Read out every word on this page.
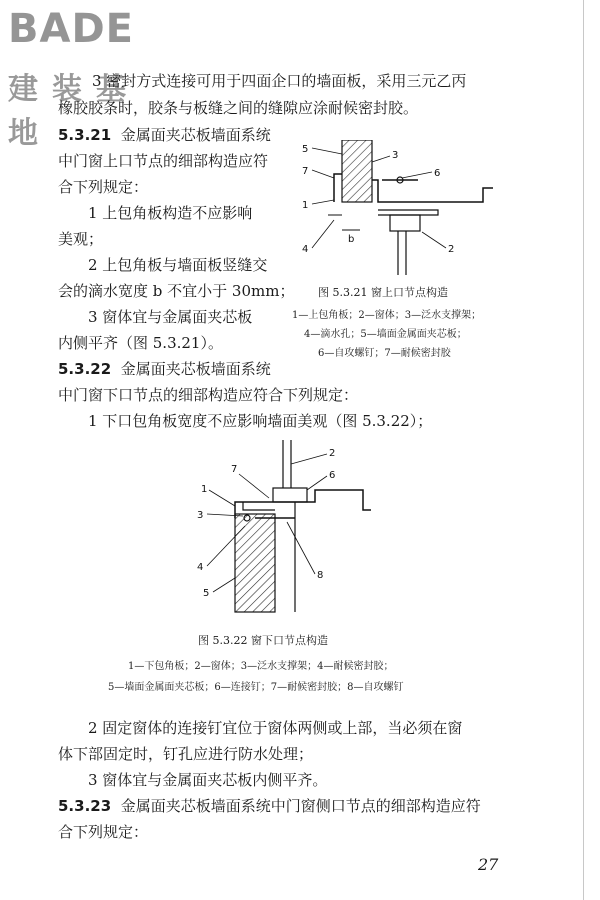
BADE
建装基地
3 密封方式连接可用于四面企口的墙面板，采用三元乙丙
橡胶胶条时，胶条与板缝之间的缝隙应涂耐候密封胶。
5.3.21 金属面夹芯板墙面系统
中门窗上口节点的细部构造应符
合下列规定：
1 上包角板构造不应影响
美观；
2 上包角板与墙面板竖缝交
会的滴水宽度 b 不宜小于 30mm；
3 窗体宜与金属面夹芯板
内侧平齐（图 5.3.21）。
5.3.22 金属面夹芯板墙面系统
中门窗下口节点的细部构造应符合下列规定：
1 下口包角板宽度不应影响墙面美观（图 5.3.22）；
5
3
7	6
1
b
4	2
图 5.3.21 窗上口节点构造
1—上包角板；2—窗体；3—泛水支撑架；
4—滴水孔；5—墙面金属面夹芯板；
6—自攻螺钉；7—耐候密封胶
2
7
6
1
3
4
8
5
图 5.3.22 窗下口节点构造
1—下包角板；2—窗体；3—泛水支撑架；4—耐候密封胶；
5—墙面金属面夹芯板；6—连接钉；7—耐候密封胶；8—自攻螺钉
2 固定窗体的连接钉宜位于窗体两侧或上部，当必须在窗
体下部固定时，钉孔应进行防水处理；
3 窗体宜与金属面夹芯板内侧平齐。
5.3.23 金属面夹芯板墙面系统中门窗侧口节点的细部构造应符
合下列规定：
27
